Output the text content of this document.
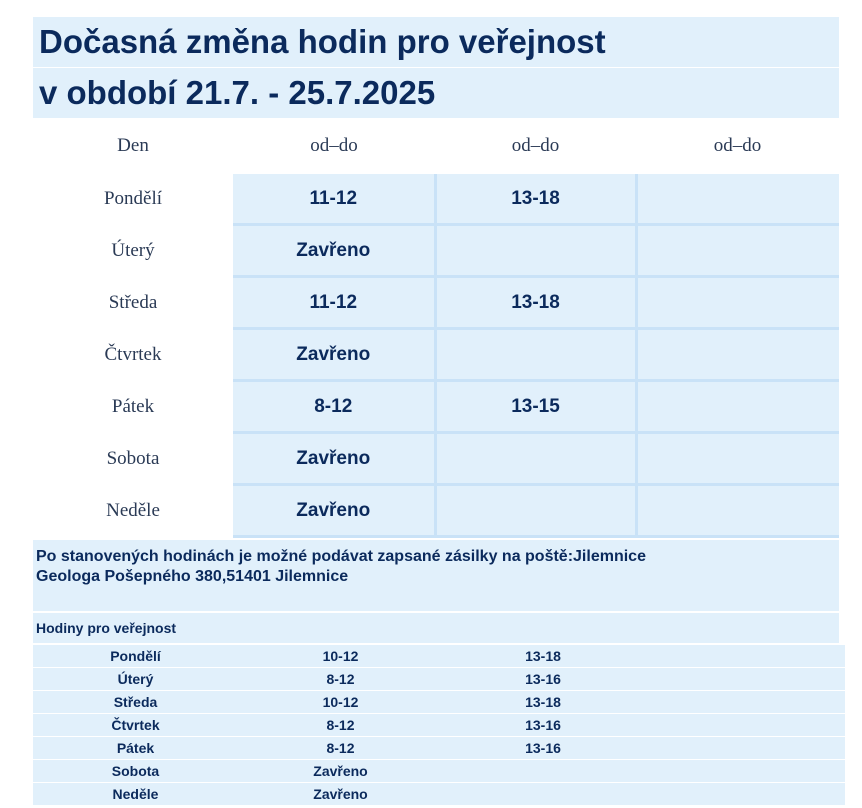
Dočasná změna hodin pro veřejnost
v období 21.7. - 25.7.2025
Den	od–do	od–do	od–do
Pondělí	11-12	13-18	
Úterý	Zavřeno		
Středa	11-12	13-18	
Čtvrtek	Zavřeno		
Pátek	8-12	13-15	
Sobota	Zavřeno		
Neděle	Zavřeno		
Po stanovených hodinách je možné podávat zapsané zásilky na poště:Jilemnice
Geologa Pošepného 380,51401 Jilemnice
Hodiny pro veřejnost
Pondělí	10-12	13-18	
Úterý	8-12	13-16	
Středa	10-12	13-18	
Čtvrtek	8-12	13-16	
Pátek	8-12	13-16	
Sobota	Zavřeno		
Neděle	Zavřeno		
